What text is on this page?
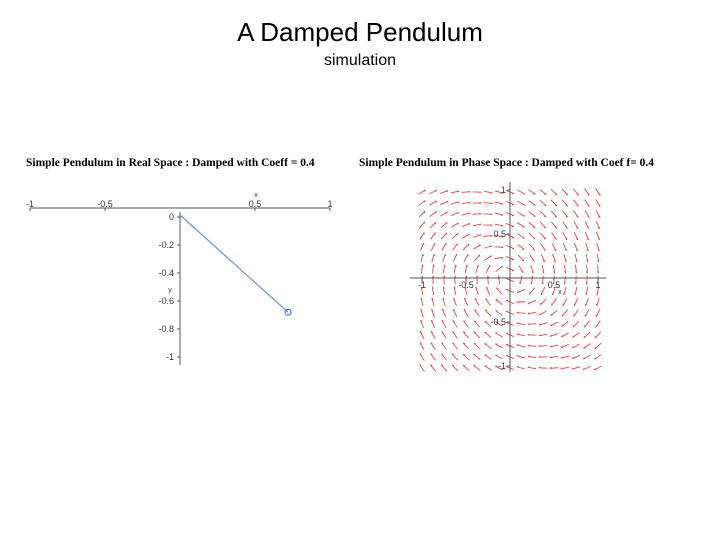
A Damped Pendulum
simulation
Simple Pendulum in Real Space : Damped with Coeff = 0.4	Simple Pendulum in Phase Space : Damped with Coef f= 0.4
-1	-0.5	0.5	1
0
-0.2
-0.4
-0.6
-0.8
-1
x
y
-1	-0.5	0.5	1
1
0.5
-0.5
-1
x
